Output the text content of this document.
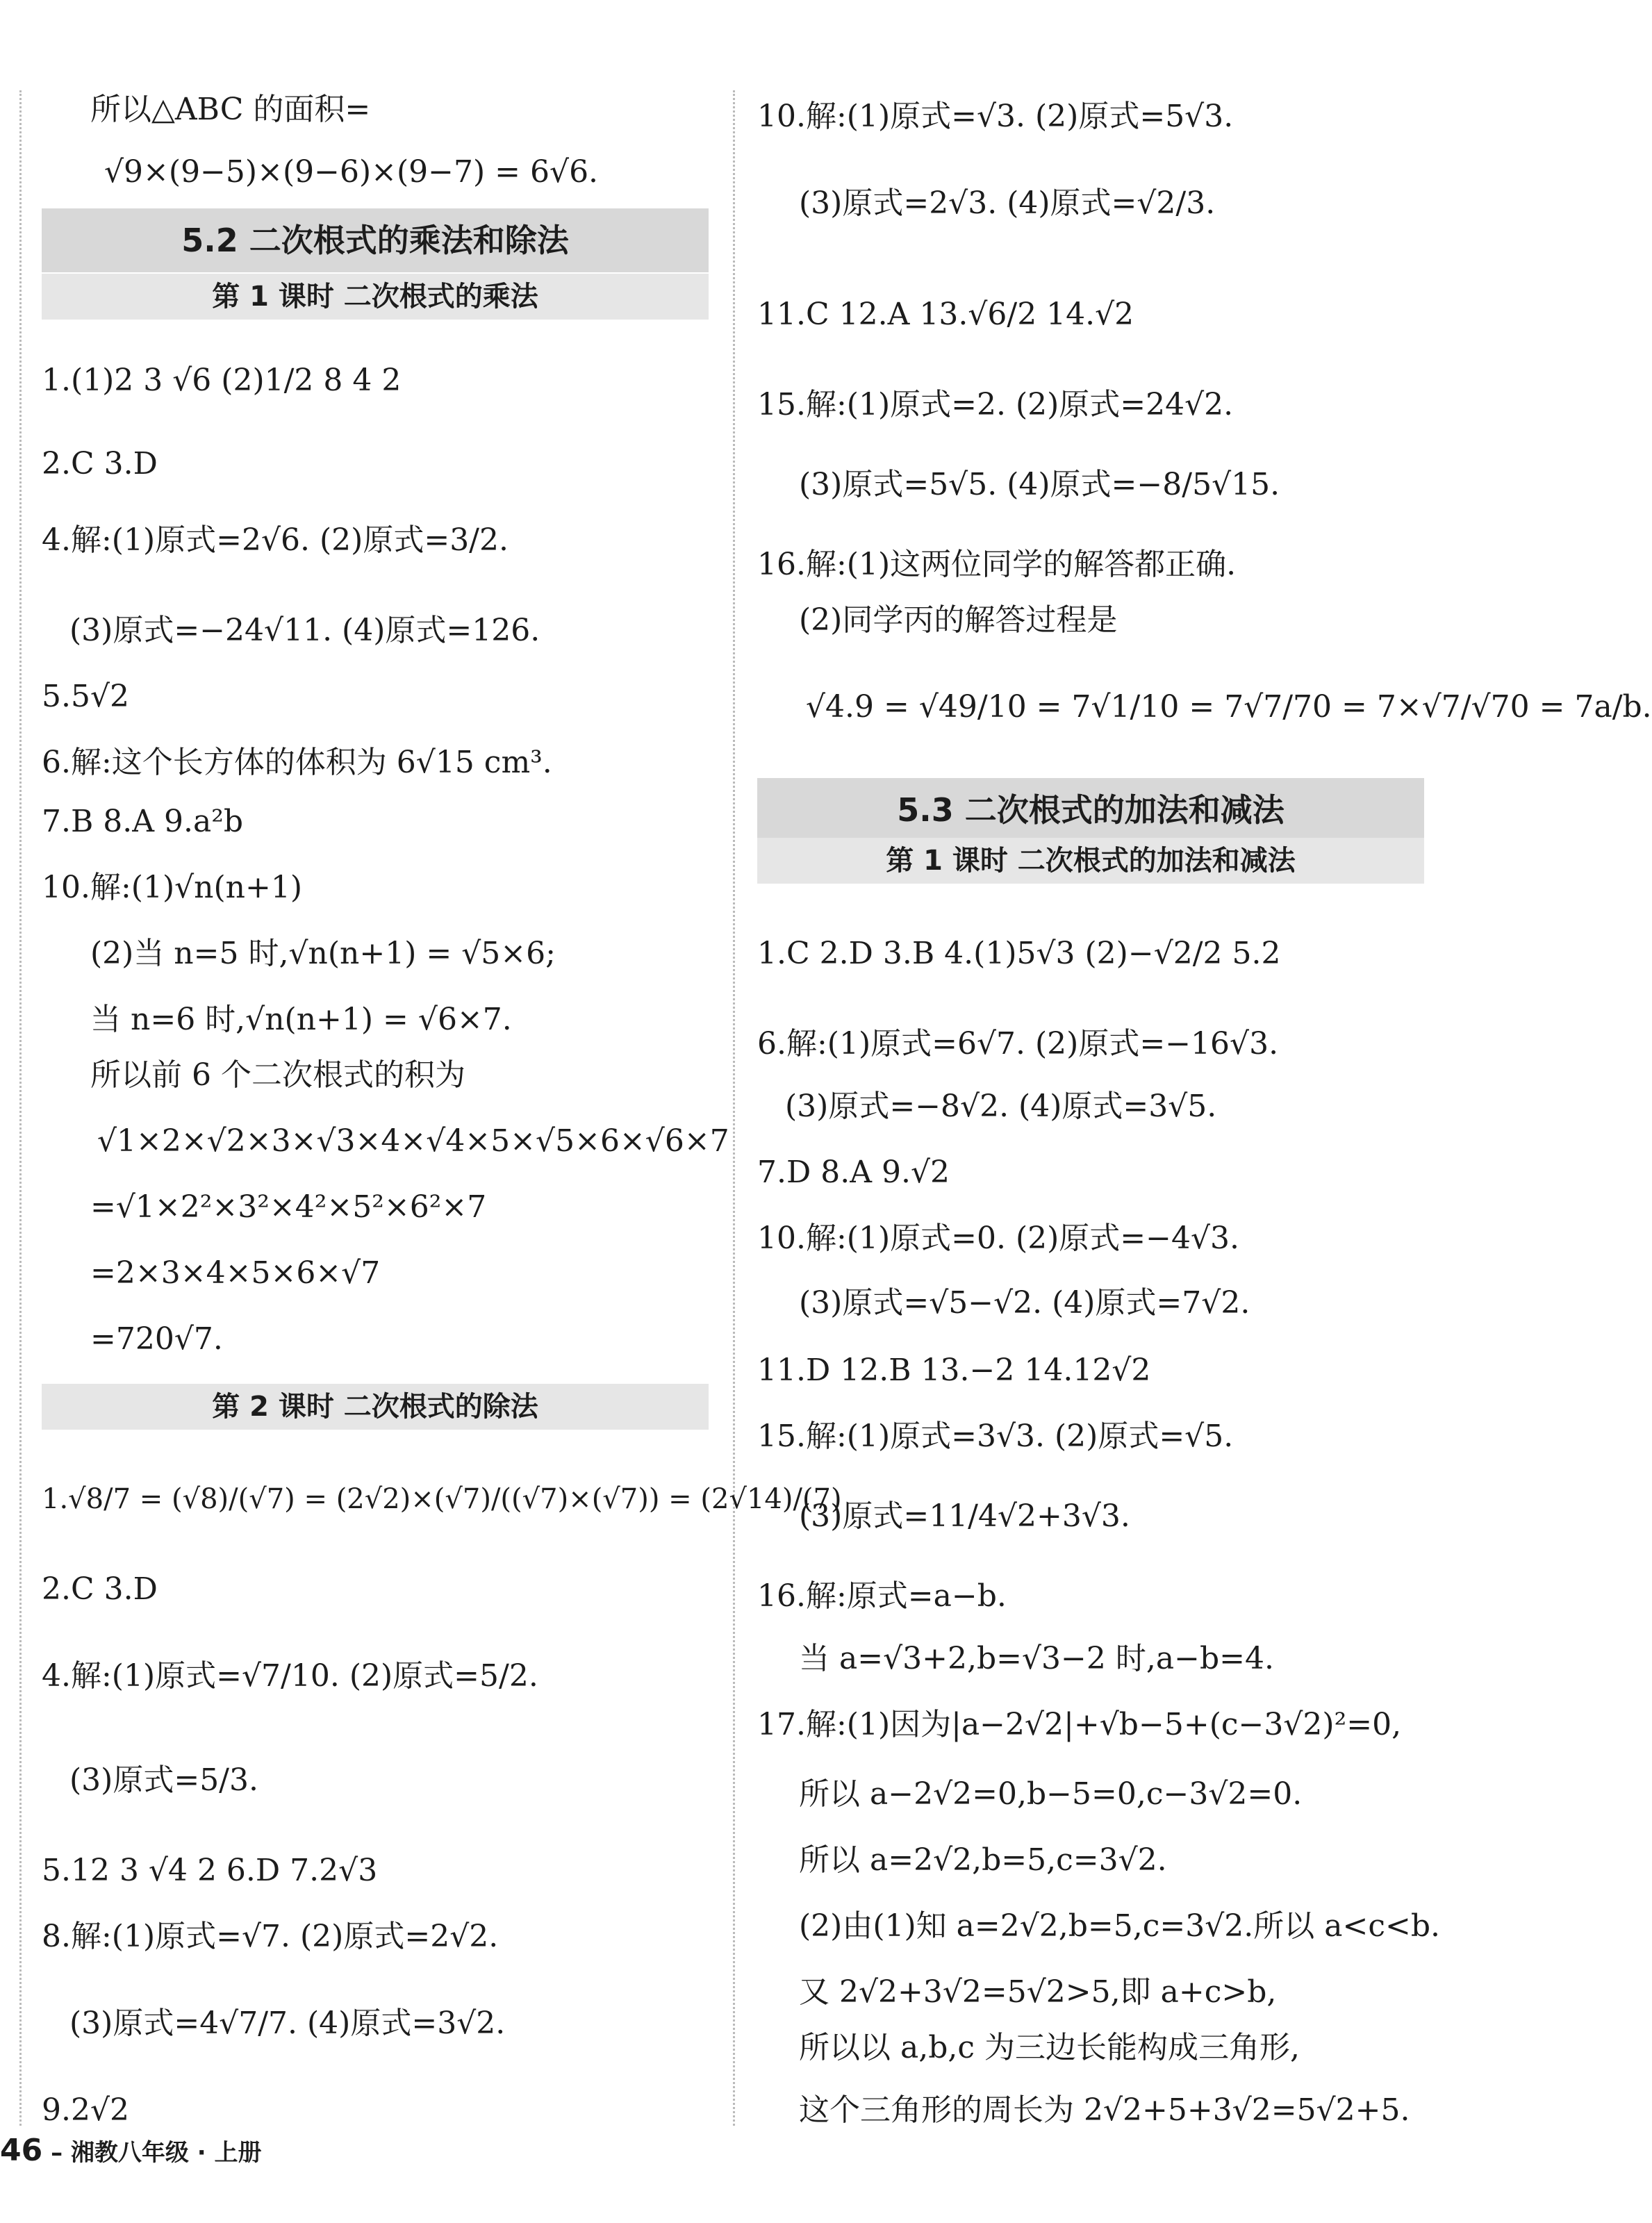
所以△ABC 的面积=
√9×(9−5)×(9−6)×(9−7) = 6√6.
5.2 二次根式的乘法和除法
第 1 课时 二次根式的乘法
1.(1)2 3 √6 (2)1/2 8 4 2
2.C 3.D
4.解:(1)原式=2√6. (2)原式=3/2.
(3)原式=−24√11. (4)原式=126.
5.5√2
6.解:这个长方体的体积为 6√15 cm³.
7.B 8.A 9.a²b
10.解:(1)√n(n+1)
(2)当 n=5 时,√n(n+1) = √5×6;
当 n=6 时,√n(n+1) = √6×7.
所以前 6 个二次根式的积为
√1×2×√2×3×√3×4×√4×5×√5×6×√6×7
=√1×2²×3²×4²×5²×6²×7
=2×3×4×5×6×√7
=720√7.
第 2 课时 二次根式的除法
1.√8/7 = (√8)/(√7) = (2√2)×(√7)/((√7)×(√7)) = (2√14)/(7)
2.C 3.D
4.解:(1)原式=√7/10. (2)原式=5/2.
(3)原式=5/3.
5.12 3 √4 2 6.D 7.2√3
8.解:(1)原式=√7. (2)原式=2√2.
(3)原式=4√7/7. (4)原式=3√2.
9.2√2
10.解:(1)原式=√3. (2)原式=5√3.
(3)原式=2√3. (4)原式=√2/3.
11.C 12.A 13.√6/2 14.√2
15.解:(1)原式=2. (2)原式=24√2.
(3)原式=5√5. (4)原式=−8/5√15.
16.解:(1)这两位同学的解答都正确.
(2)同学丙的解答过程是
√4.9 = √49/10 = 7√1/10 = 7√7/70 = 7×√7/√70 = 7a/b.
5.3 二次根式的加法和减法
第 1 课时 二次根式的加法和减法
1.C 2.D 3.B 4.(1)5√3 (2)−√2/2 5.2
6.解:(1)原式=6√7. (2)原式=−16√3.
(3)原式=−8√2. (4)原式=3√5.
7.D 8.A 9.√2
10.解:(1)原式=0. (2)原式=−4√3.
(3)原式=√5−√2. (4)原式=7√2.
11.D 12.B 13.−2 14.12√2
15.解:(1)原式=3√3. (2)原式=√5.
(3)原式=11/4√2+3√3.
16.解:原式=a−b.
当 a=√3+2,b=√3−2 时,a−b=4.
17.解:(1)因为|a−2√2|+√b−5+(c−3√2)²=0,
所以 a−2√2=0,b−5=0,c−3√2=0.
所以 a=2√2,b=5,c=3√2.
(2)由(1)知 a=2√2,b=5,c=3√2.所以 a<c<b.
又 2√2+3√2=5√2>5,即 a+c>b,
所以以 a,b,c 为三边长能构成三角形,
这个三角形的周长为 2√2+5+3√2=5√2+5.
46 – 湘教八年级 · 上册
